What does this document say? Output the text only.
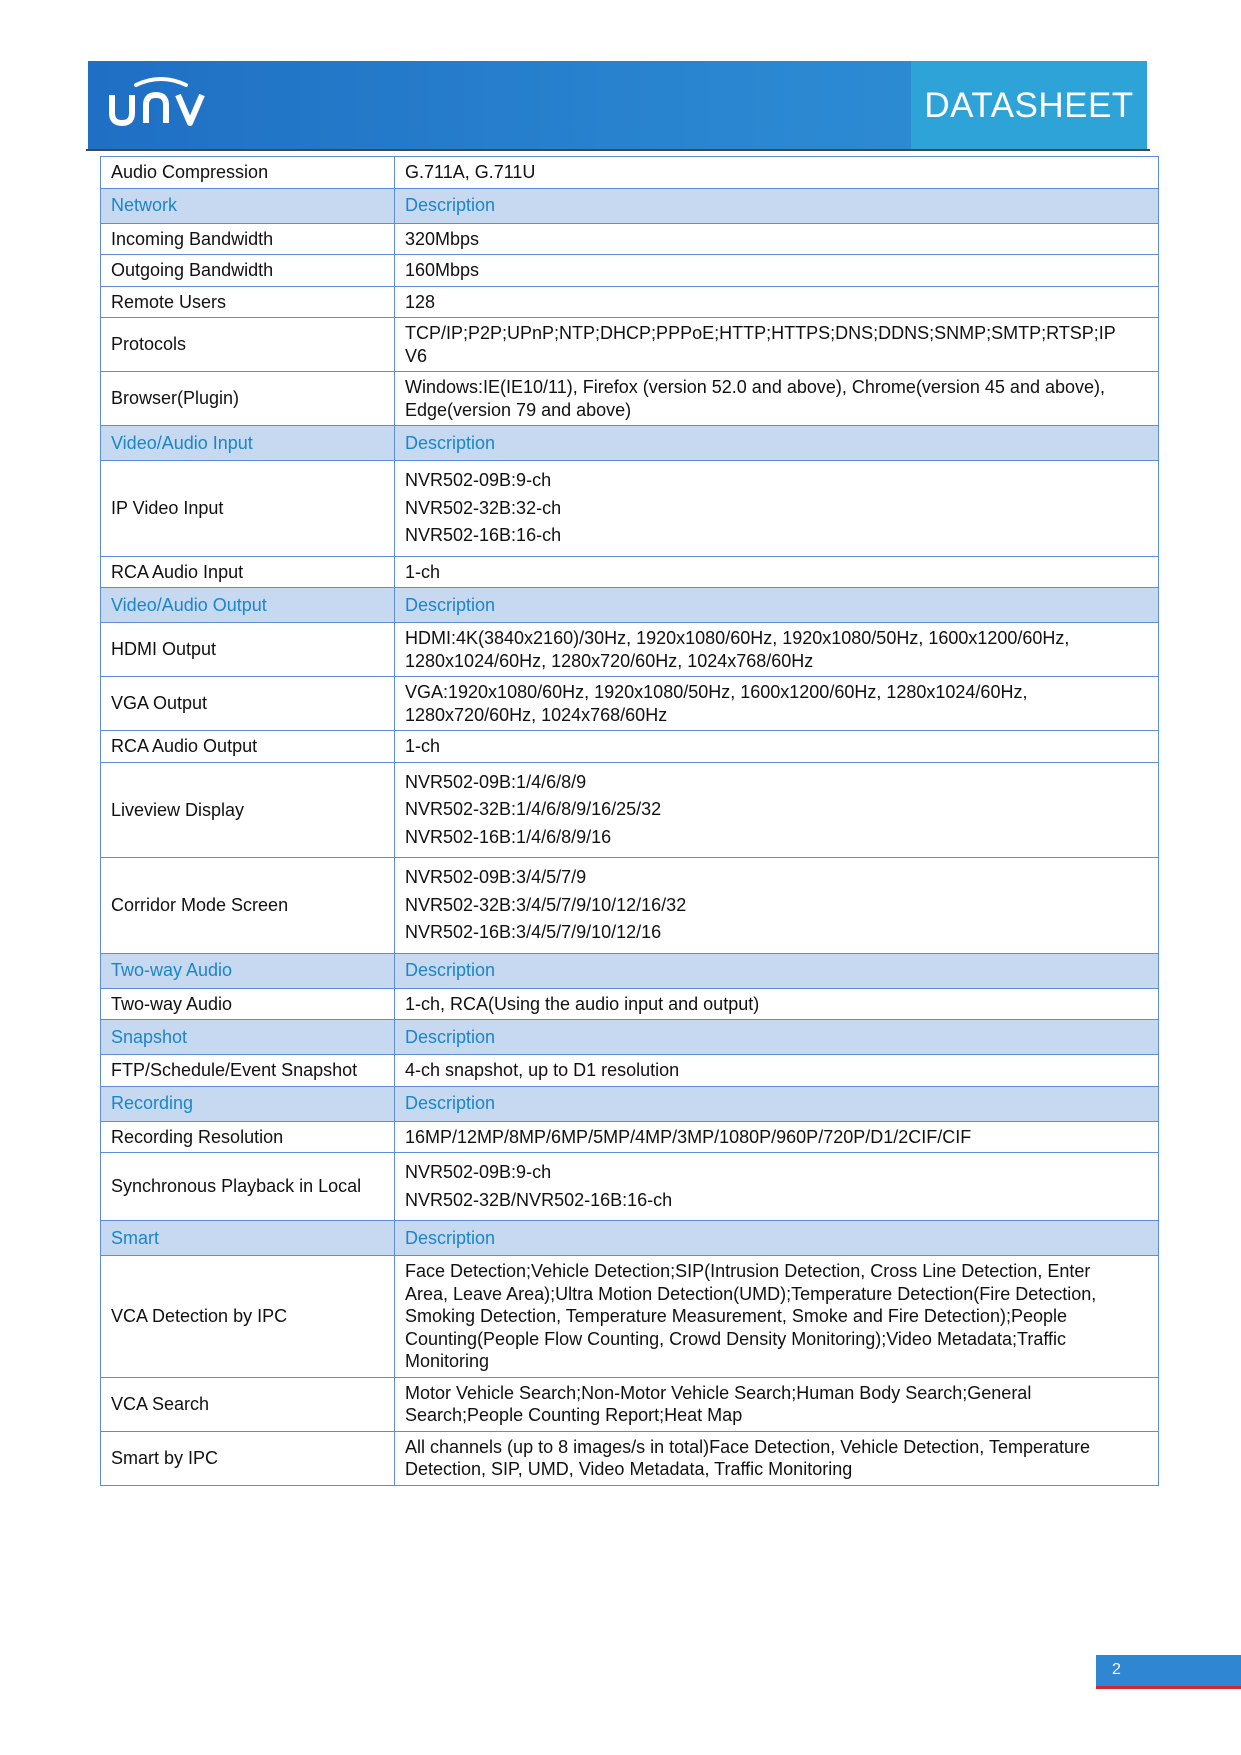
DATASHEET
Audio Compression	G.711A, G.711U

Network	Description

Incoming Bandwidth	320Mbps

Outgoing Bandwidth	160Mbps

Remote Users	128

Protocols	TCP/IP;P2P;UPnP;NTP;DHCP;PPPoE;HTTP;HTTPS;DNS;DDNS;SNMP;SMTP;RTSP;IP
V6

Browser(Plugin)	Windows:IE(IE10/11), Firefox (version 52.0 and above), Chrome(version 45 and above),
Edge(version 79 and above)

Video/Audio Input	Description

IP Video Input	NVR502-09B:9-ch
NVR502-32B:32-ch
NVR502-16B:16-ch

RCA Audio Input	1-ch

Video/Audio Output	Description

HDMI Output	HDMI:4K(3840x2160)/30Hz, 1920x1080/60Hz, 1920x1080/50Hz, 1600x1200/60Hz,
1280x1024/60Hz, 1280x720/60Hz, 1024x768/60Hz

VGA Output	VGA:1920x1080/60Hz, 1920x1080/50Hz, 1600x1200/60Hz, 1280x1024/60Hz,
1280x720/60Hz, 1024x768/60Hz

RCA Audio Output	1-ch

Liveview Display	NVR502-09B:1/4/6/8/9
NVR502-32B:1/4/6/8/9/16/25/32
NVR502-16B:1/4/6/8/9/16

Corridor Mode Screen	NVR502-09B:3/4/5/7/9
NVR502-32B:3/4/5/7/9/10/12/16/32
NVR502-16B:3/4/5/7/9/10/12/16

Two-way Audio	Description

Two-way Audio	1-ch, RCA(Using the audio input and output)

Snapshot	Description

FTP/Schedule/Event Snapshot	4-ch snapshot, up to D1 resolution

Recording	Description

Recording Resolution	16MP/12MP/8MP/6MP/5MP/4MP/3MP/1080P/960P/720P/D1/2CIF/CIF

Synchronous Playback in Local	NVR502-09B:9-ch
NVR502-32B/NVR502-16B:16-ch

Smart	Description

VCA Detection by IPC	Face Detection;Vehicle Detection;SIP(Intrusion Detection, Cross Line Detection, Enter
Area, Leave Area);Ultra Motion Detection(UMD);Temperature Detection(Fire Detection,
Smoking Detection, Temperature Measurement, Smoke and Fire Detection);People
Counting(People Flow Counting, Crowd Density Monitoring);Video Metadata;Traffic
Monitoring

VCA Search	Motor Vehicle Search;Non-Motor Vehicle Search;Human Body Search;General
Search;People Counting Report;Heat Map

Smart by IPC	All channels (up to 8 images/s in total)Face Detection, Vehicle Detection, Temperature
Detection, SIP, UMD, Video Metadata, Traffic Monitoring
2
